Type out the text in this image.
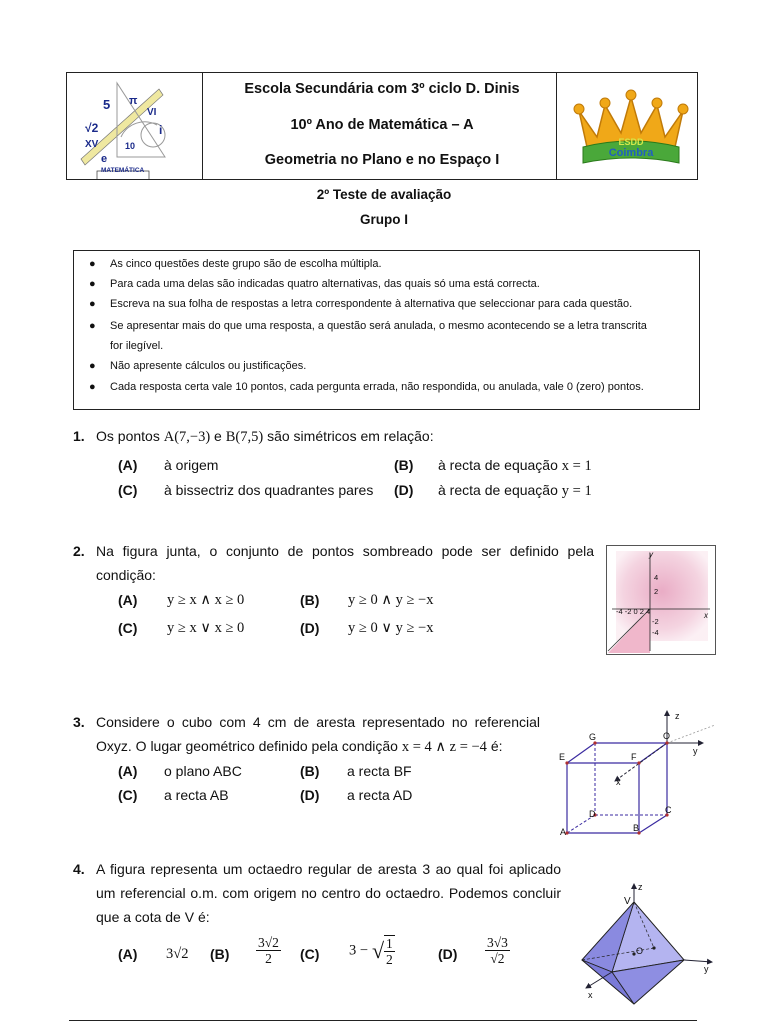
5 π
VI
√2	i
XV	10
e
MATEMÁTICA
Escola Secundária com 3º ciclo D. Dinis
10º Ano de Matemática – A
Geometria no Plano e no Espaço I
ESDD
Coimbra
2º Teste de avaliação
Grupo I
● As cinco questões deste grupo são de escolha múltipla.
● Para cada uma delas são indicadas quatro alternativas, das quais só uma está correcta.
● Escreva na sua folha de respostas a letra correspondente à alternativa que seleccionar para cada questão.
● Se apresentar mais do que uma resposta, a questão será anulada, o mesmo acontecendo se a letra transcrita
for ilegível.
● Não apresente cálculos ou justificações.
● Cada resposta certa vale 10 pontos, cada pergunta errada, não respondida, ou anulada, vale 0 (zero) pontos.
1. Os pontos A(7,−3) e B(7,5) são simétricos em relação:
(A) à origem	(B) à recta de equação x = 1
(C) à bissectriz dos quadrantes pares (D) à recta de equação y = 1
2. Na figura junta, o conjunto de pontos sombreado pode ser definido pela
condição:
(A) y ≥ x ∧ x ≥ 0	(B) y ≥ 0 ∧ y ≥ −x
(C) y ≥ x ∨ x ≥ 0	(D) y ≥ 0 ∨ y ≥ −x
y
4
2
-4 -2 0 2 4	x
-2
-4
3. Considere o cubo com 4 cm de aresta representado no referencial
Oxyz. O lugar geométrico definido pela condição x = 4 ∧ z = −4 é:
(A) o plano ABC	(B) a recta BF
(C) a recta AB	(D) a recta AD
z
y
x
O
G
E	F
D	C
A	B
4. A figura representa um octaedro regular de aresta 3 ao qual foi aplicado
um referencial o.m. com origem no centro do octaedro. Podemos concluir
que a cota de V é:
(A) 3√2 $(B) \frac{3√2}{2} (C) 3$ − √ $\frac{1}{2}$	$(D) \frac{3√3}{√2}$
z
V
O
y
x
